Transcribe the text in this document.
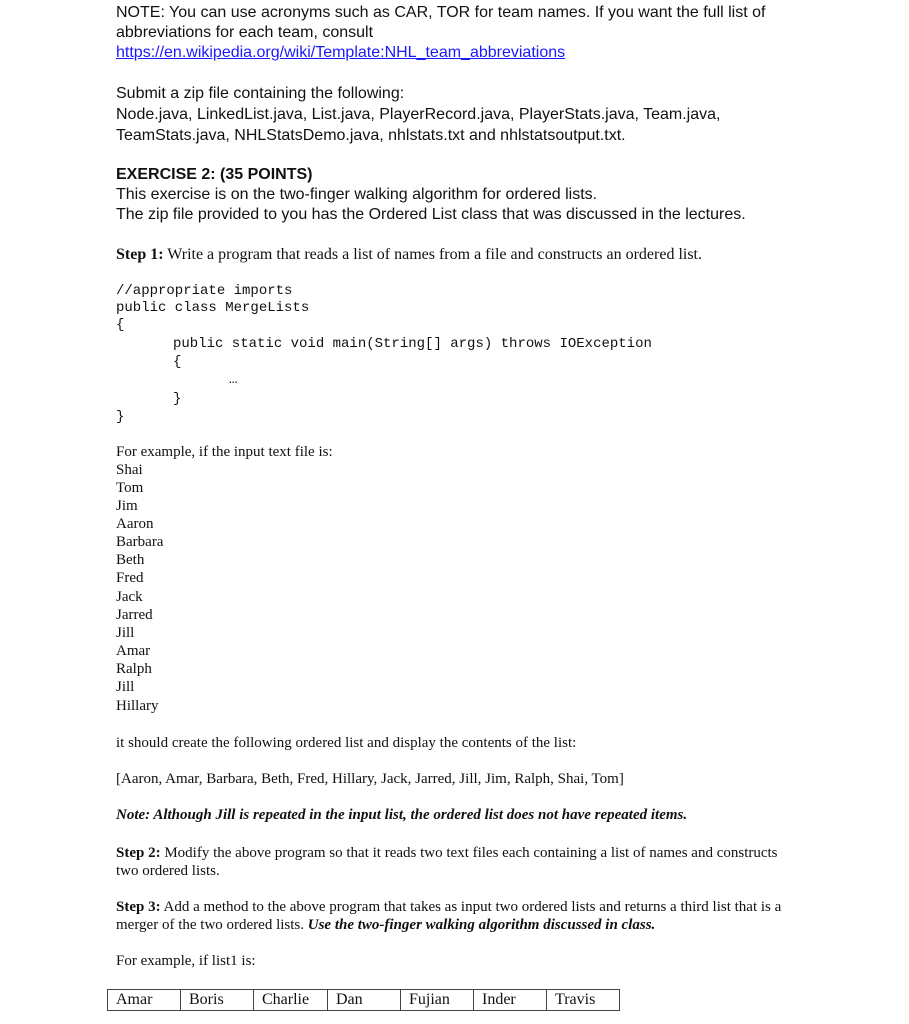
NOTE: You can use acronyms such as CAR, TOR for team names. If you want the full list of
abbreviations for each team, consult
https://en.wikipedia.org/wiki/Template:NHL_team_abbreviations
Submit a zip file containing the following:
Node.java, LinkedList.java, List.java, PlayerRecord.java, PlayerStats.java, Team.java,
TeamStats.java, NHLStatsDemo.java, nhlstats.txt and nhlstatsoutput.txt.
EXERCISE 2: (35 POINTS)
This exercise is on the two-finger walking algorithm for ordered lists.
The zip file provided to you has the Ordered List class that was discussed in the lectures.
Step 1: Write a program that reads a list of names from a file and constructs an ordered list.
//appropriate imports
public class MergeLists
{
public static void main(String[] args) throws IOException
{
…
}
}
For example, if the input text file is:
Shai
Tom
Jim
Aaron
Barbara
Beth
Fred
Jack
Jarred
Jill
Amar
Ralph
Jill
Hillary
it should create the following ordered list and display the contents of the list:
[Aaron, Amar, Barbara, Beth, Fred, Hillary, Jack, Jarred, Jill, Jim, Ralph, Shai, Tom]
Note: Although Jill is repeated in the input list, the ordered list does not have repeated items.
Step 2: Modify the above program so that it reads two text files each containing a list of names and constructs
two ordered lists.
Step 3: Add a method to the above program that takes as input two ordered lists and returns a third list that is a
merger of the two ordered lists. Use the two-finger walking algorithm discussed in class.
For example, if list1 is:
Amar	Boris	Charlie	Dan	Fujian	Inder	Travis
